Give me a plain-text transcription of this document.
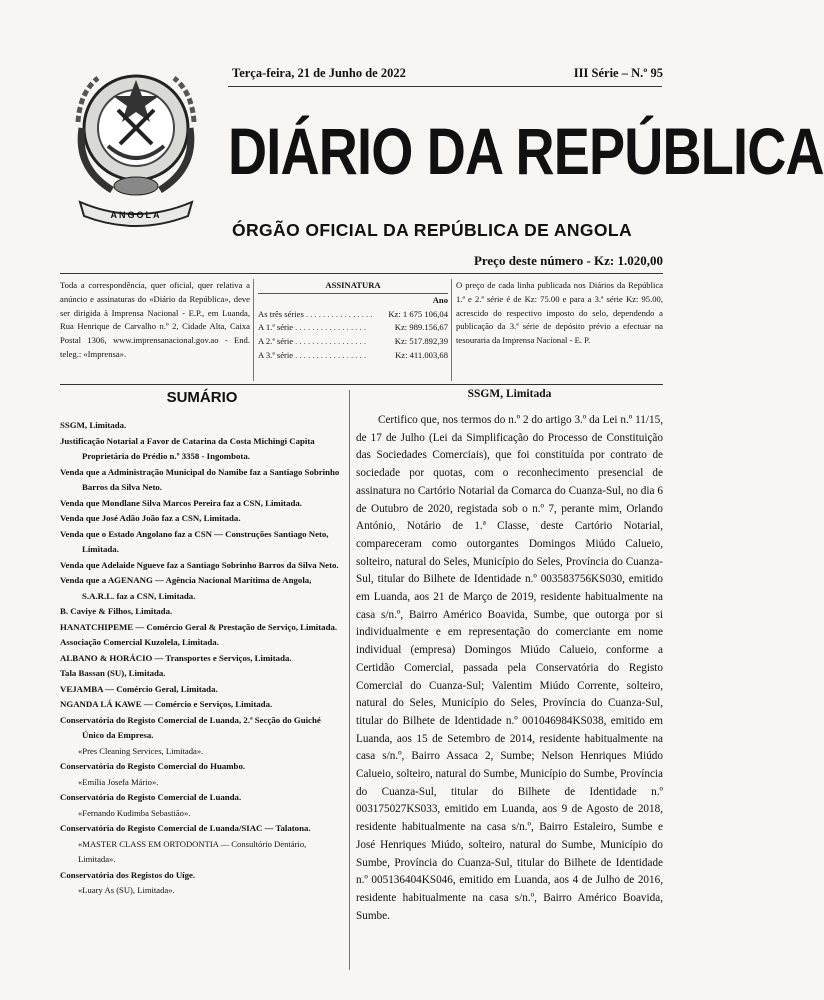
ANGOLA
Terça-feira, 21 de Junho de 2022	III Série – N.º 95
DIÁRIO DA REPÚBLICA
ÓRGÃO OFICIAL DA REPÚBLICA DE ANGOLA
Preço deste número - Kz: 1.020,00
Toda a correspondência, quer oficial, quer relativa a anúncio e assinaturas do «Diário da República», deve ser dirigida à Imprensa Nacional - E.P., em Luanda, Rua Henrique de Carvalho n.º 2, Cidade Alta, Caixa Postal 1306, www.imprensanacional.gov.ao - End. teleg.: «Imprensa».
ASSINATURA
Ano
As três séries . . . . . . . . . . . . . . . .	Kz: 1 675 106,04
A 1.ª série . . . . . . . . . . . . . . . . .	Kz: 989.156,67
A 2.ª série . . . . . . . . . . . . . . . . .	Kz: 517.892,39
A 3.ª série . . . . . . . . . . . . . . . . .	Kz: 411.003,68
O preço de cada linha publicada nos Diários da República 1.ª e 2.ª série é de Kz: 75.00 e para a 3.ª série Kz: 95.00, acrescido do respectivo imposto do selo, dependendo a publicação da 3.ª série de depósito prévio a efectuar na tesouraria da Imprensa Nacional - E. P.
SUMÁRIO
SSGM, Limitada.
Justificação Notarial a Favor de Catarina da Costa Michingi Capita Proprietária do Prédio n.º 3358 - Ingombota.
Venda que a Administração Municipal do Namibe faz a Santiago Sobrinho Barros da Silva Neto.
Venda que Mondlane Silva Marcos Pereira faz a CSN, Limitada.
Venda que José Adão João faz a CSN, Limitada.
Venda que o Estado Angolano faz a CSN — Construções Santiago Neto, Limitada.
Venda que Adelaide Ngueve faz a Santiago Sobrinho Barros da Silva Neto.
Venda que a AGENANG — Agência Nacional Marítima de Angola, S.A.R.L. faz a CSN, Limitada.
B. Caviye & Filhos, Limitada.
HANATCHIPEME — Comércio Geral & Prestação de Serviço, Limitada.
Associação Comercial Kuzolela, Limitada.
ALBANO & HORÁCIO — Transportes e Serviços, Limitada.
Tala Bassan (SU), Limitada.
VEJAMBA — Comércio Geral, Limitada.
NGANDA LÁ KAWE — Comércio e Serviços, Limitada.
Conservatória do Registo Comercial de Luanda, 2.ª Secção do Guiché Único da Empresa.
«Pres Cleaning Services, Limitada».
Conservatória do Registo Comercial do Huambo.
«Emília Josefa Mário».
Conservatória do Registo Comercial de Luanda.
«Fernando Kudimba Sebastião».
Conservatória do Registo Comercial de Luanda/SIAC — Talatona.
«MASTER CLASS EM ORTODONTIA — Consultório Dentário, Limitada».
Conservatória dos Registos do Uíge.
«Luary As (SU), Limitada».
SSGM, Limitada
Certifico que, nos termos do n.º 2 do artigo 3.º da Lei n.º 11/15, de 17 de Julho (Lei da Simplificação do Processo de Constituição das Sociedades Comerciais), que foi constituída por contrato de sociedade por quotas, com o reconhecimento presencial de assinatura no Cartório Notarial da Comarca do Cuanza-Sul, no dia 6 de Outubro de 2020, registada sob o n.º 7, perante mim, Orlando António, Notário de 1.ª Classe, deste Cartório Notarial, compareceram como outorgantes Domingos Miúdo Calueio, solteiro, natural do Seles, Município do Seles, Província do Cuanza-Sul, titular do Bilhete de Identidade n.º 003583756KS030, emitido em Luanda, aos 21 de Março de 2019, residente habitualmente na casa s/n.º, Bairro Américo Boavida, Sumbe, que outorga por si individualmente e em representação do comerciante em nome individual (empresa) Domingos Miúdo Calueio, conforme a Certidão Comercial, passada pela Conservatória do Registo Comercial do Cuanza-Sul; Valentim Miúdo Corrente, solteiro, natural do Seles, Município do Seles, Província do Cuanza-Sul, titular do Bilhete de Identidade n.º 001046984KS038, emitido em Luanda, aos 15 de Setembro de 2014, residente habitualmente na casa s/n.º, Bairro Assaca 2, Sumbe; Nelson Henriques Miúdo Calueio, solteiro, natural do Sumbe, Município do Sumbe, Província do Cuanza-Sul, titular do Bilhete de Identidade n.º 003175027KS033, emitido em Luanda, aos 9 de Agosto de 2018, residente habitualmente na casa s/n.º, Bairro Estaleiro, Sumbe e José Henriques Miúdo, solteiro, natural do Sumbe, Município do Sumbe, Província do Cuanza-Sul, titular do Bilhete de Identidade n.º 005136404KS046, emitido em Luanda, aos 4 de Julho de 2016, residente habitualmente na casa s/n.º, Bairro Américo Boavida, Sumbe.
